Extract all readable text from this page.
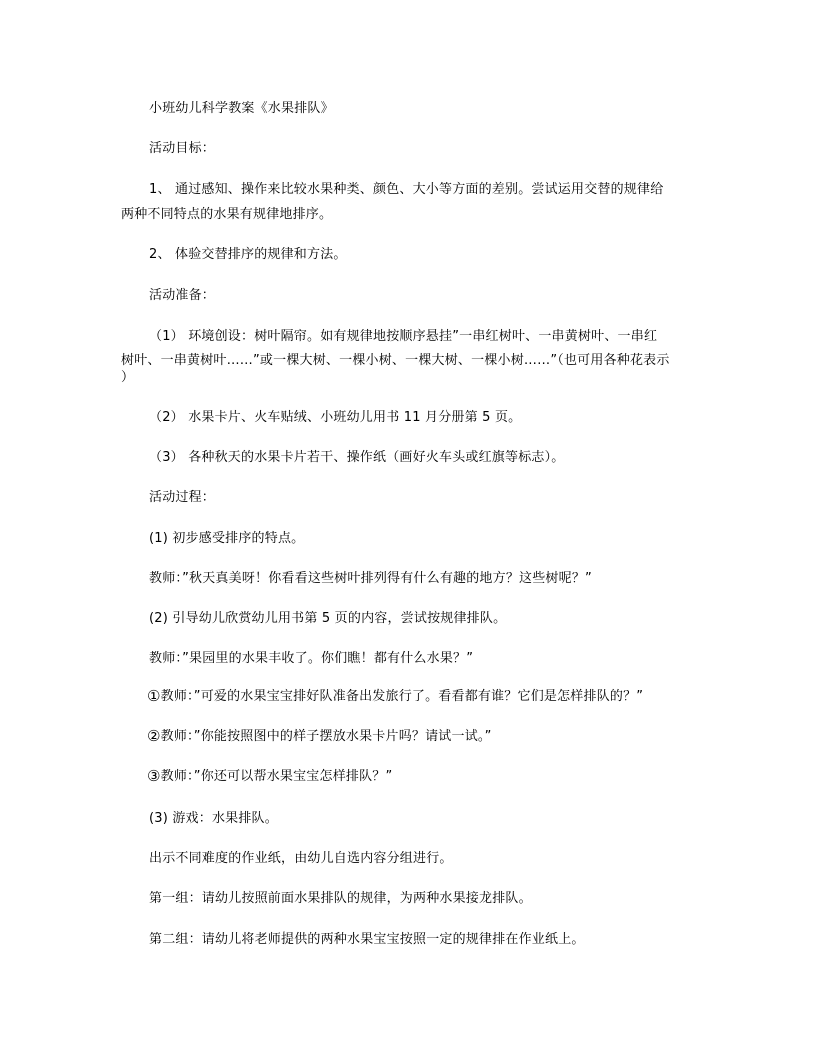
小班幼儿科学教案《水果排队》
活动目标：
1、 通过感知、操作来比较水果种类、颜色、大小等方面的差别。尝试运用交替的规律给
两种不同特点的水果有规律地排序。
2、 体验交替排序的规律和方法。
活动准备：
（1） 环境创设：树叶隔帘。如有规律地按顺序悬挂”一串红树叶、一串黄树叶、一串红
树叶、一串黄树叶……”或一棵大树、一棵小树、一棵大树、一棵小树……”（也可用各种花表示
）
（2） 水果卡片、火车贴绒、小班幼儿用书 11 月分册第 5 页。
（3） 各种秋天的水果卡片若干、操作纸（画好火车头或红旗等标志）。
活动过程：
(1) 初步感受排序的特点。
教师：”秋天真美呀！你看看这些树叶排列得有什么有趣的地方？这些树呢？”
(2) 引导幼儿欣赏幼儿用书第 5 页的内容，尝试按规律排队。
教师：”果园里的水果丰收了。你们瞧！都有什么水果？”
①教师：”可爱的水果宝宝排好队准备出发旅行了。看看都有谁？它们是怎样排队的？”
②教师：”你能按照图中的样子摆放水果卡片吗？请试一试。”
③教师：”你还可以帮水果宝宝怎样排队？”
(3) 游戏：水果排队。
出示不同难度的作业纸，由幼儿自选内容分组进行。
第一组：请幼儿按照前面水果排队的规律，为两种水果接龙排队。
第二组：请幼儿将老师提供的两种水果宝宝按照一定的规律排在作业纸上。
